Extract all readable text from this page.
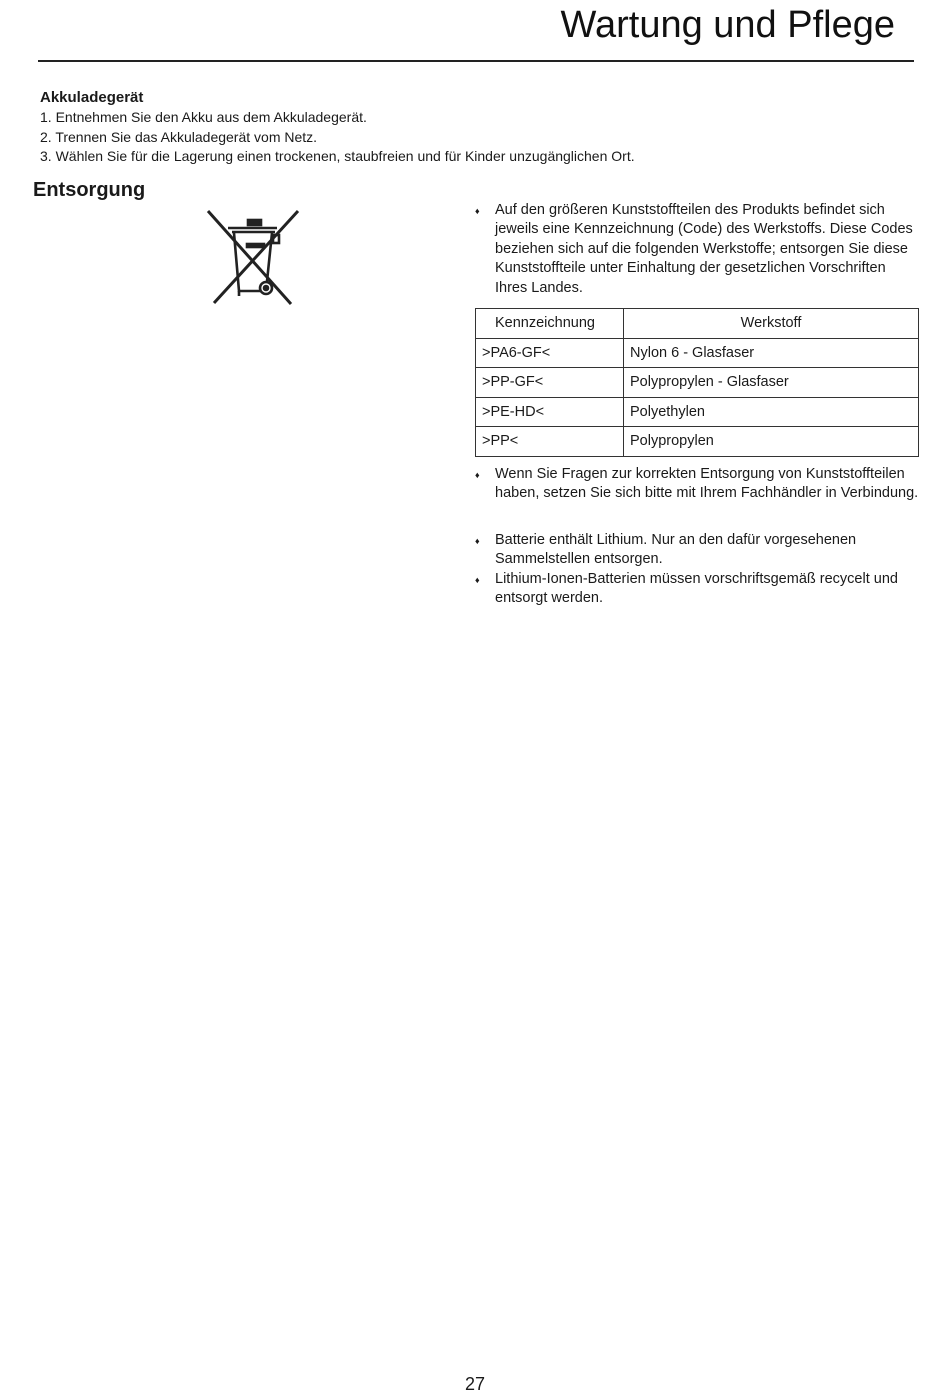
Wartung und Pflege
Akkuladegerät
1. Entnehmen Sie den Akku aus dem Akkuladegerät.
2. Trennen Sie das Akkuladegerät vom Netz.
3. Wählen Sie für die Lagerung einen trockenen, staubfreien und für Kinder unzugänglichen Ort.
Entsorgung
♦ Auf den größeren Kunststoffteilen des Produkts befindet sich jeweils eine Kennzeichnung (Code) des Werkstoffs. Diese Codes beziehen sich auf die folgenden Werkstoffe; entsorgen Sie diese Kunststoffteile unter Einhaltung der gesetzlichen Vorschriften Ihres Landes.
Kennzeichnung	Werkstoff
>PA6-GF<	Nylon 6 - Glasfaser
>PP-GF<	Polypropylen - Glasfaser
>PE-HD<	Polyethylen
>PP<	Polypropylen
♦ Wenn Sie Fragen zur korrekten Entsorgung von Kunststoffteilen haben, setzen Sie sich bitte mit Ihrem Fachhändler in Verbindung.
♦ Batterie enthält Lithium. Nur an den dafür vorgesehenen Sammelstellen entsorgen.
♦ Lithium-Ionen-Batterien müssen vorschriftsgemäß recycelt und entsorgt werden.
27
